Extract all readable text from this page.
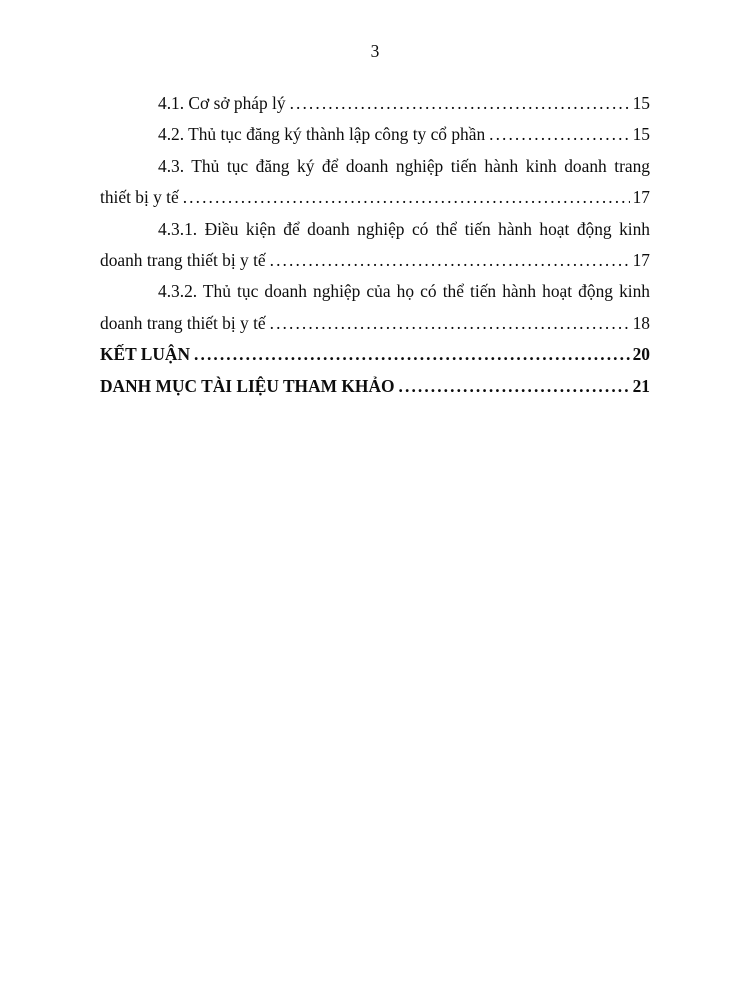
3
4.1. Cơ sở pháp lý .....	15
4.2. Thủ tục đăng ký thành lập công ty cổ phần .....	15
4.3. Thủ tục đăng ký để doanh nghiệp tiến hành kinh doanh trang
thiết bị y tế .....	17
4.3.1. Điều kiện để doanh nghiệp có thể tiến hành hoạt động kinh
doanh trang thiết bị y tế .....	17
4.3.2. Thủ tục doanh nghiệp của họ có thể tiến hành hoạt động kinh
doanh trang thiết bị y tế .....	18
KẾT LUẬN .....	20
DANH MỤC TÀI LIỆU THAM KHẢO .....	21
